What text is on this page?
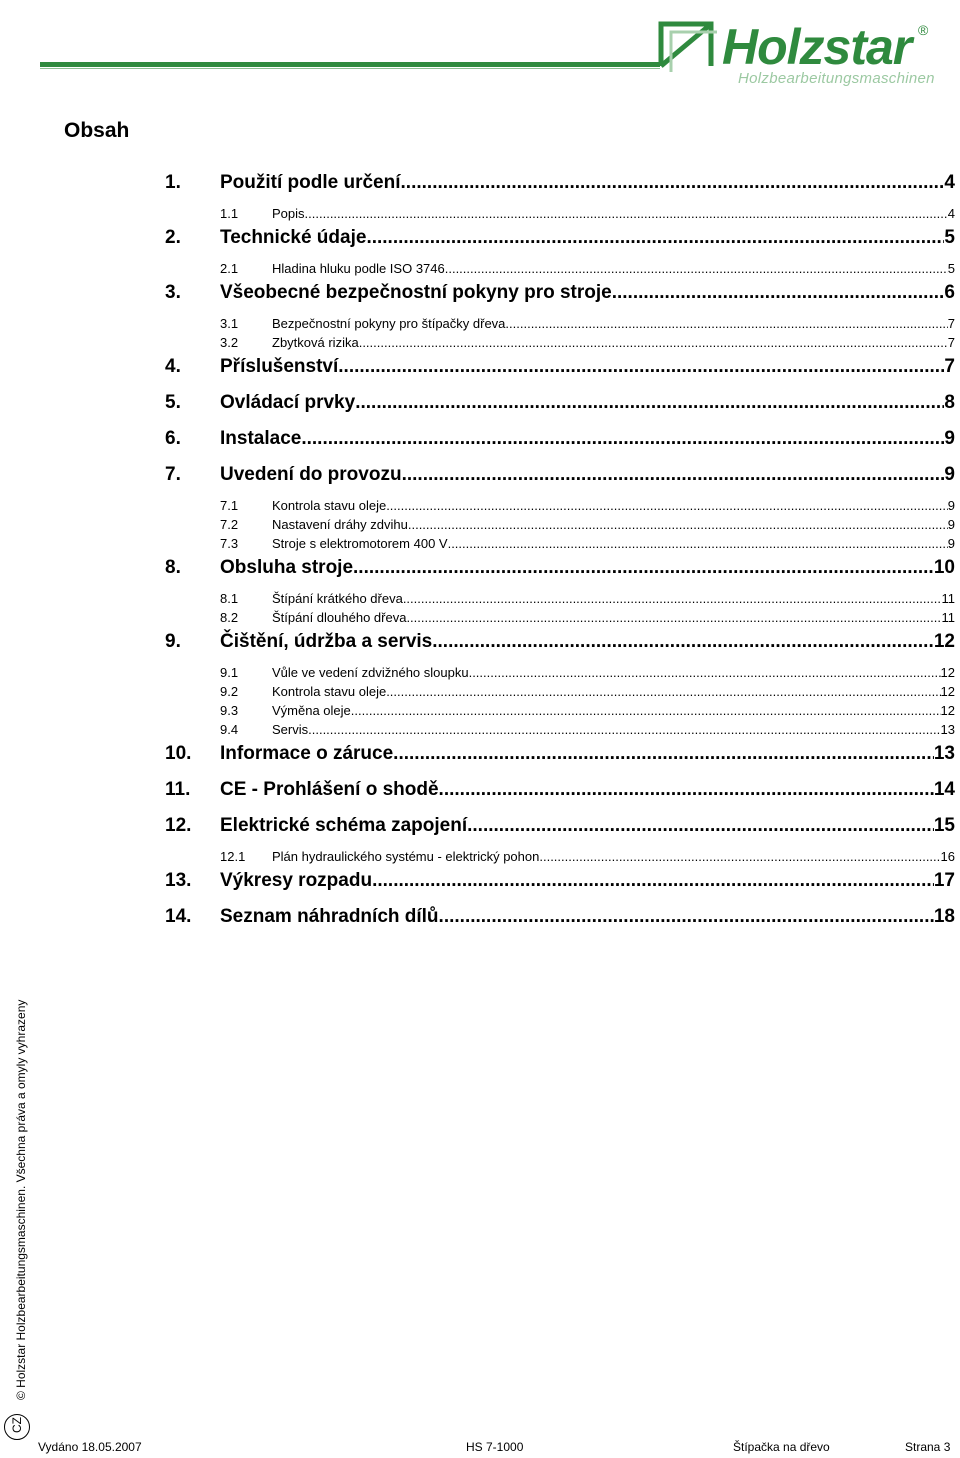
Holzstar ®
Holzbearbeitungsmaschinen
Obsah
1.	Použití podle určení .....	4
1.1	Popis .....	4
2.	Technické údaje .....	5
2.1	Hladina hluku podle ISO 3746 .....	5
3.	Všeobecné bezpečnostní pokyny pro stroje .....	6
3.1	Bezpečnostní pokyny pro štípačky dřeva .....	7
3.2	Zbytková rizika .....	7
4.	Příslušenství .....	7
5.	Ovládací prvky .....	8
6.	Instalace .....	9
7.	Uvedení do provozu .....	9
7.1	Kontrola stavu oleje .....	9
7.2	Nastavení dráhy zdvihu .....	9
7.3	Stroje s elektromotorem 400 V .....	9
8.	Obsluha stroje .....	10
8.1	Štípání krátkého dřeva .....	11
8.2	Štípání dlouhého dřeva .....	11
9.	Čištění, údržba a servis .....	12
9.1	Vůle ve vedení zdvižného sloupku .....	12
9.2	Kontrola stavu oleje .....	12
9.3	Výměna oleje .....	12
9.4	Servis .....	13
10.	Informace o záruce .....	13
11.	CE - Prohlášení o shodě .....	14
12.	Elektrické schéma zapojení .....	15
12.1	Plán hydraulického systému - elektrický pohon .....	16
13.	Výkresy rozpadu .....	17
14.	Seznam náhradních dílů .....	18
© Holzstar Holzbearbeitungsmaschinen. Všechna práva a omyly vyhrazeny
CZ
Vydáno 18.05.2007	HS 7-1000	Štípačka na dřevo	Strana 3
